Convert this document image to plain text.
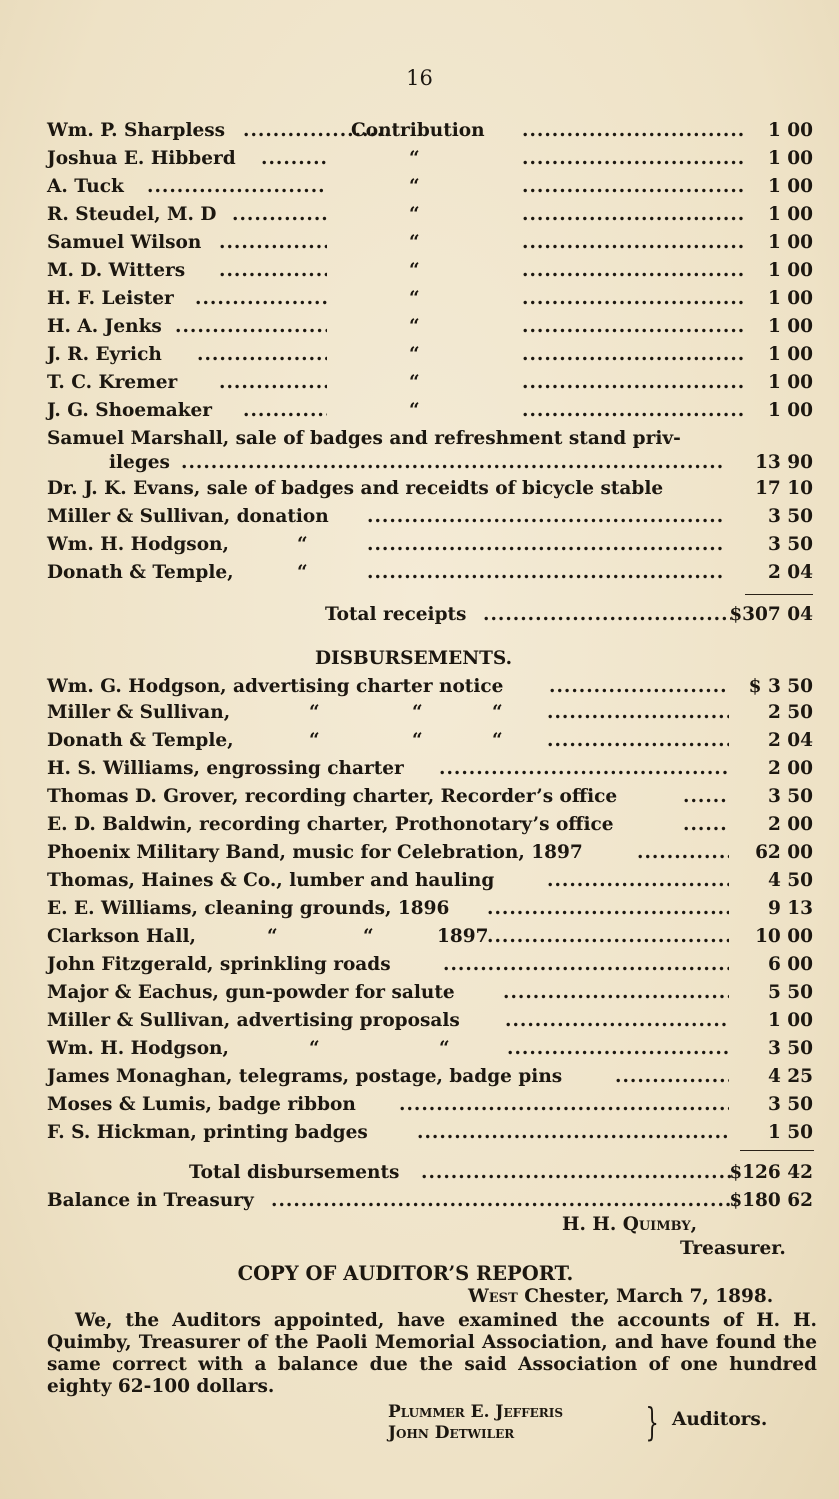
16
Wm. P. Sharpless .....	Contribution .....	1 00
Joshua E. Hibberd .....	“ .....	1 00
A. Tuck .....	“ .....	1 00
R. Steudel, M. D .....	“ .....	1 00
Samuel Wilson .....	“ .....	1 00
M. D. Witters .....	“ .....	1 00
H. F. Leister .....	“ .....	1 00
H. A. Jenks .....	“ .....	1 00
J. R. Eyrich .....	“ .....	1 00
T. C. Kremer .....	“ .....	1 00
J. G. Shoemaker .....	“ .....	1 00
Samuel Marshall, sale of badges and refreshment stand priv-
ileges .....	13 90
Dr. J. K. Evans, sale of badges and receidts of bicycle stable	17 10
Miller & Sullivan, donation .....	3 50
Wm. H. Hodgson,	“ .....	3 50
Donath & Temple,	“ .....	2 04
Total receipts .....	$307 04
DISBURSEMENTS.
Wm. G. Hodgson, advertising charter notice .....	$ 3 50
Miller & Sullivan,	“	“	“ .....	2 50
Donath & Temple,	“	“	“ .....	2 04
H. S. Williams, engrossing charter .....	2 00
Thomas D. Grover, recording charter, Recorder’s office .....	3 50
E. D. Baldwin, recording charter, Prothonotary’s office .....	2 00
Phoenix Military Band, music for Celebration, 1897 .....	62 00
Thomas, Haines & Co., lumber and hauling .....	4 50
E. E. Williams, cleaning grounds, 1896 .....	9 13
Clarkson Hall,	“	“	1897 .....	10 00
John Fitzgerald, sprinkling roads .....	6 00
Major & Eachus, gun-powder for salute .....	5 50
Miller & Sullivan, advertising proposals .....	1 00
Wm. H. Hodgson,	“	“ .....	3 50
James Monaghan, telegrams, postage, badge pins .....	4 25
Moses & Lumis, badge ribbon .....	3 50
F. S. Hickman, printing badges .....	1 50
Total disbursements .....	$126 42
Balance in Treasury .....	$180 62
H. H. Quimby,
Treasurer.
COPY OF AUDITOR’S REPORT.
West Chester, March 7, 1898.
We, the Auditors appointed, have examined the accounts of H. H. Quimby, Treasurer of the Paoli Memorial Association, and have found the same correct with a balance due the said Association of one hundred eighty 62-100 dollars.
Plummer E. Jefferis
John Detwiler	} Auditors.
